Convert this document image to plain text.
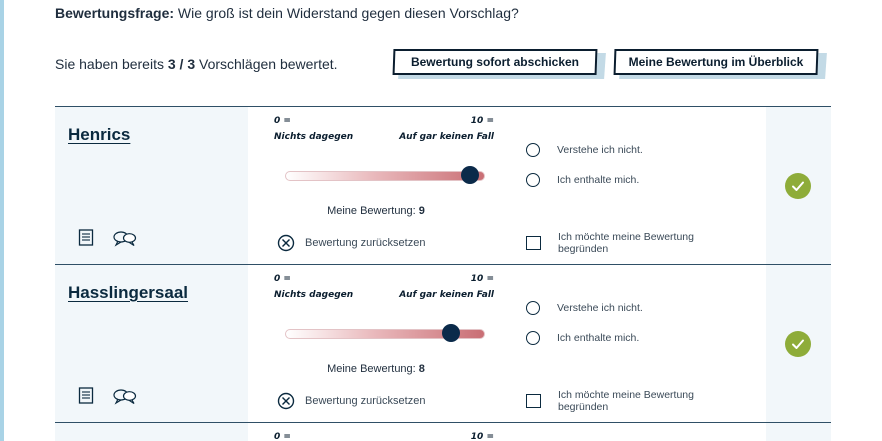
Bewertungsfrage: Wie groß ist dein Widerstand gegen diesen Vorschlag?
Sie haben bereits 3 / 3 Vorschlägen bewertet.	Bewertung sofort abschicken	Meine Bewertung im Überblick
Henrics
0 =
Nichts dagegen
10 =
Auf gar keinen Fall
Meine Bewertung: 9
Bewertung zurücksetzen
Verstehe ich nicht.
Ich enthalte mich.
Ich möchte meine Bewertung begründen
Hasslingersaal
0 =
Nichts dagegen
10 =
Auf gar keinen Fall
Meine Bewertung: 8
Bewertung zurücksetzen
Verstehe ich nicht.
Ich enthalte mich.
Ich möchte meine Bewertung begründen
0 =	10 =
